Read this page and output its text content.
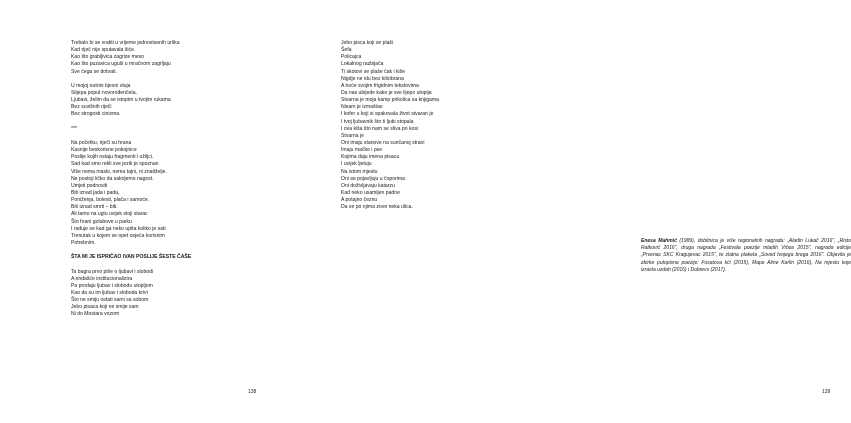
Trebalo bi se vratiti u vrijeme jednostavnih urlika
Kad riječ nije sputavala šiće.
Kao što grabljivica zagrize meso
Kao što puzavica uguši u mračnom zagrljaju
Sve čega se dotvati.
U mojoj nutrini bjesni oluja
Slijepa poput novorođenčeta.
Ljubavi, želim da se istopim u tvojim rukama
Bez suvišnih riječi
Bez strogosti cinizma.
***
Na početku, riječi su hrana
Kasnije beskorisne pokojnice
Poslije kojih ostaju fragmenti i ožiljci.
Sad kad smo rekli sve jezik je spoznan
Više nema maski, nema tajni, ni znatiželje.
Ne postoji ličko da sakrijemo nagost.
Umjeti podnositi
Biti iznad jada i pada,
Poniženja, bolesti, plača i samoće.
Biti iznad smrti – biti.
Ali tamo na uglu uvijek stoji starac
Što hrani golubove u parku
I raduje se kad ga neko upita koliko je sati
Trenutak u kojem se opet osjeća korisnim
Potrebnim.
ŠTA MI JE ISPRIČAO IVAN POSLIJE ŠESTE ČAŠE
Ta bagra prvo piše o ljubavi i slobodi
A ondašće institucionalizira
Pa prodaju ljubav i slobodu utopljom
Kao da su im ljubav i sloboda krivi
Što ne smiju ostati sami sa sobom
Jebo pisaca koji ne smije sam
Ni do Mostara vozom
138
Jebo pisca koji se plaši
Šefa
Policajca
Lokalnog razbijača
Ti skotovi se plaše čak i kiše
Nigdje ne idu bez kišobrana
A hoće svojim frigidnim tekstovima
Da nas ubijede kako je sve lijepo utopija
Stvarna je moja kamp prikolica sa knjigama
Nisam je izmaštao
I kofer u koji si spakovala život stvaran je
I tvoj ljubavnik što ti ljubi stopala
I ova kiša što nam se sliva po kosi
Stvarna je
Oni imaju stanove na sunčanoj strani
Imaju mačke i pse
Kojima daju imena pisaca
I uvijek ljetuju
Na istom mjestu
Oni se pojavljuju u čoporima
Oni doživljavaju katarzu
Kad neko usamljen padne
A potajno čeznu
Da se po njima zove neka ulica.
Enesa Mahmić (1989), dobitnica je više regionalnih nagrada: „Aladin Lukač 2016", „Risto Ratković 2016", druga nagrada „Festivala poezije mladih Vrbas 2015", nagrada edicije „Prvenac SKC Kragujevac 2015", te zlatna plaketa „Soved tvojega brega 2016". Objavila je zbirke putopisne poezije: Fosatova kći (2015), Mape Alme Karlin (2016), Na mjestu koje izrasta uzdah (2016) i Dobrevs (2017).
139
